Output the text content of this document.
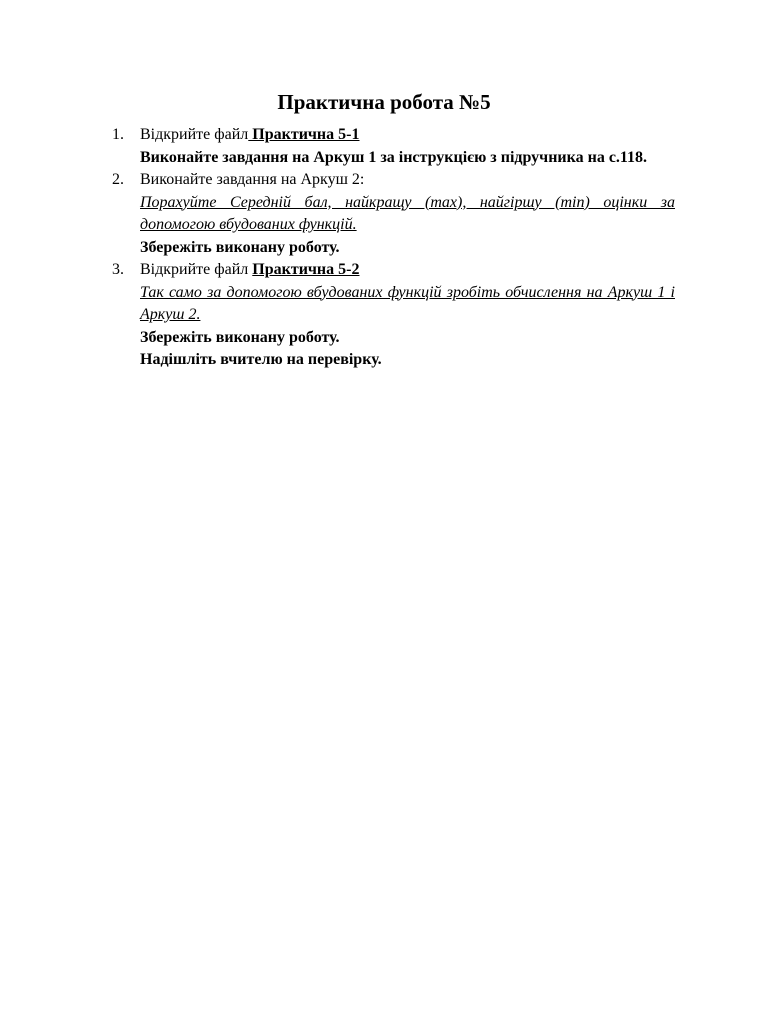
Практична робота №5
1.	Відкрийте файл Практична 5-1
Виконайте завдання на Аркуш 1 за інструкцією з підручника на с.118.
2.	Виконайте завдання на Аркуш 2:
Порахуйте Середній бал, найкращу (max), найгіршу (min) оцінки за допомогою вбудованих функцій.
Збережіть виконану роботу.
3.	Відкрийте файл Практична 5-2
Так само за допомогою вбудованих функцій зробіть обчислення на Аркуш 1 і Аркуш 2.
Збережіть виконану роботу.
Надішліть вчителю на перевірку.
